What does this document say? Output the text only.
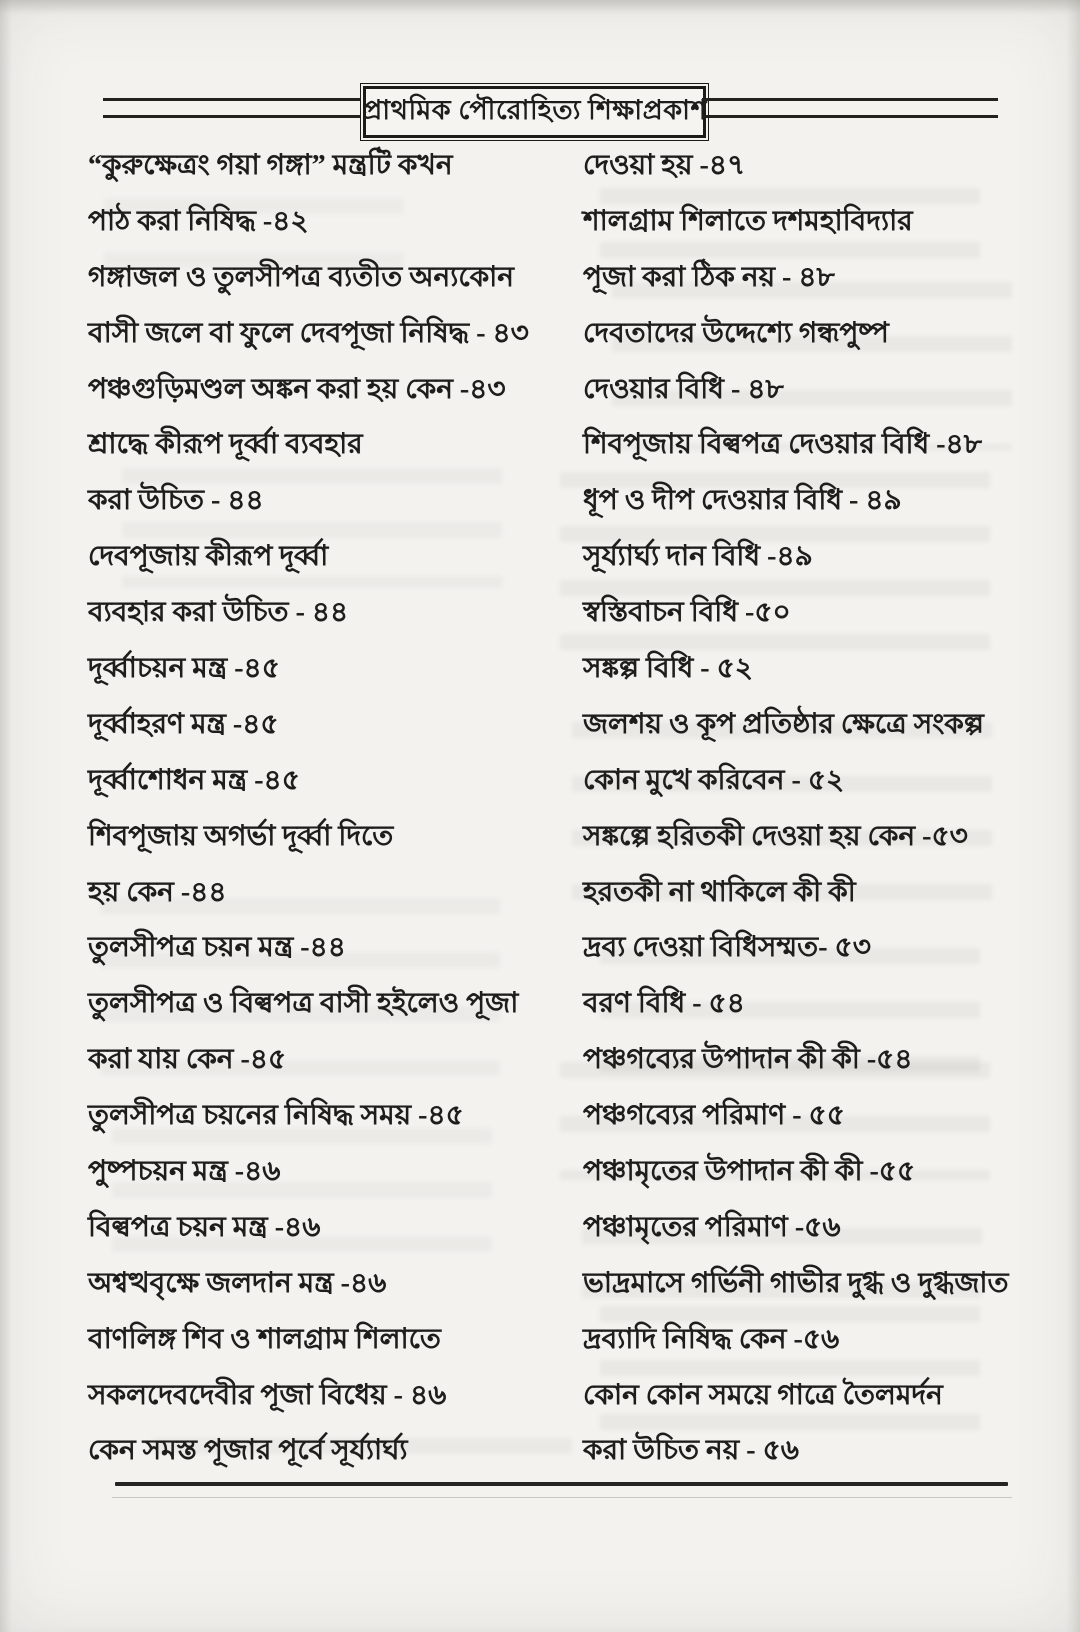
প্রাথমিক পৌরোহিত্য শিক্ষাপ্রকাশ
“কুরুক্ষেত্রং গয়া গঙ্গা” মন্ত্রটি কখন
পাঠ করা নিষিদ্ধ -৪২
গঙ্গাজল ও তুলসীপত্র ব্যতীত অন্যকোন
বাসী জলে বা ফুলে দেবপূজা নিষিদ্ধ - ৪৩
পঞ্চগুড়িমণ্ডল অঙ্কন করা হয় কেন -৪৩
শ্রাদ্ধে কীরূপ দূর্ব্বা ব্যবহার
করা উচিত - ৪৪
দেবপূজায় কীরূপ দূর্ব্বা
ব্যবহার করা উচিত - ৪৪
দূর্ব্বাচয়ন মন্ত্র -৪৫
দূর্ব্বাহরণ মন্ত্র -৪৫
দূর্ব্বাশোধন মন্ত্র -৪৫
শিবপূজায় অগর্ভা দূর্ব্বা দিতে
হয় কেন -৪৪
তুলসীপত্র চয়ন মন্ত্র -৪৪
তুলসীপত্র ও বিল্বপত্র বাসী হইলেও পূজা
করা যায় কেন -৪৫
তুলসীপত্র চয়নের নিষিদ্ধ সময় -৪৫
পুষ্পচয়ন মন্ত্র -৪৬
বিল্বপত্র চয়ন মন্ত্র -৪৬
অশ্বত্থবৃক্ষে জলদান মন্ত্র -৪৬
বাণলিঙ্গ শিব ও শালগ্রাম শিলাতে
সকলদেবদেবীর পূজা বিধেয় - ৪৬
কেন সমস্ত পূজার পূর্বে সূর্য্যার্ঘ্য
দেওয়া হয় -৪৭
শালগ্রাম শিলাতে দশমহাবিদ্যার
পূজা করা ঠিক নয় - ৪৮
দেবতাদের উদ্দেশ্যে গন্ধপুষ্প
দেওয়ার বিধি - ৪৮
শিবপূজায় বিল্বপত্র দেওয়ার বিধি -৪৮
ধূপ ও দীপ দেওয়ার বিধি - ৪৯
সূর্য্যার্ঘ্য দান বিধি -৪৯
স্বস্তিবাচন বিধি -৫০
সঙ্কল্প বিধি - ৫২
জলশয় ও কূপ প্রতিষ্ঠার ক্ষেত্রে সংকল্প
কোন মুখে করিবেন - ৫২
সঙ্কল্পে হরিতকী দেওয়া হয় কেন -৫৩
হরতকী না থাকিলে কী কী
দ্রব্য দেওয়া বিধিসম্মত- ৫৩
বরণ বিধি - ৫৪
পঞ্চগব্যের উপাদান কী কী -৫৪
পঞ্চগব্যের পরিমাণ - ৫৫
পঞ্চামৃতের উপাদান কী কী -৫৫
পঞ্চামৃতের পরিমাণ -৫৬
ভাদ্রমাসে গর্ভিনী গাভীর দুগ্ধ ও দুগ্ধজাত
দ্রব্যাদি নিষিদ্ধ কেন -৫৬
কোন কোন সময়ে গাত্রে তৈলমর্দন
করা উচিত নয় - ৫৬
